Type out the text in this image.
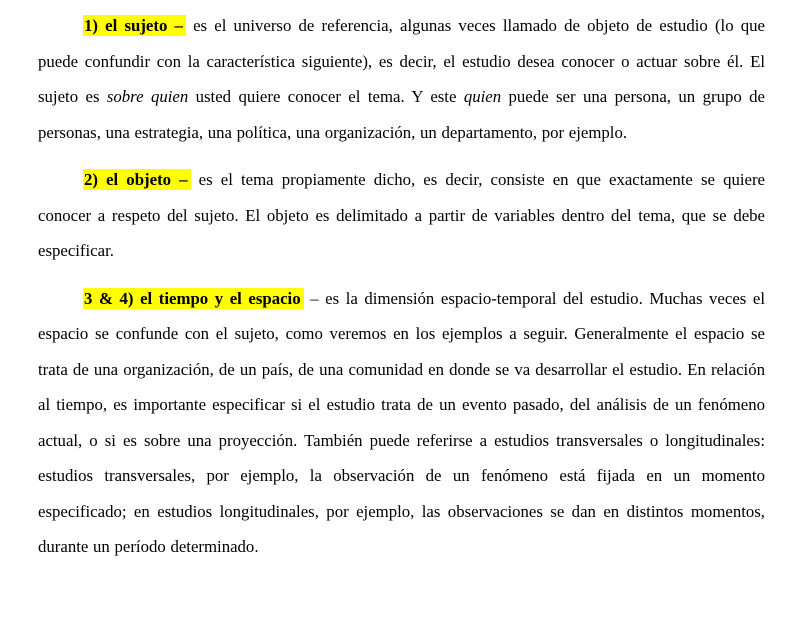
1) el sujeto – es el universo de referencia, algunas veces llamado de objeto de estudio (lo que puede confundir con la característica siguiente), es decir, el estudio desea conocer o actuar sobre él. El sujeto es sobre quien usted quiere conocer el tema. Y este quien puede ser una persona, un grupo de personas, una estrategia, una política, una organización, un departamento, por ejemplo.

2) el objeto – es el tema propiamente dicho, es decir, consiste en que exactamente se quiere conocer a respeto del sujeto. El objeto es delimitado a partir de variables dentro del tema, que se debe especificar.

3 & 4) el tiempo y el espacio – es la dimensión espacio-temporal del estudio. Muchas veces el espacio se confunde con el sujeto, como veremos en los ejemplos a seguir. Generalmente el espacio se trata de una organización, de un país, de una comunidad en donde se va desarrollar el estudio. En relación al tiempo, es importante especificar si el estudio trata de un evento pasado, del análisis de un fenómeno actual, o si es sobre una proyección. También puede referirse a estudios transversales o longitudinales: estudios transversales, por ejemplo, la observación de un fenómeno está fijada en un momento especificado; en estudios longitudinales, por ejemplo, las observaciones se dan en distintos momentos, durante un período determinado.
